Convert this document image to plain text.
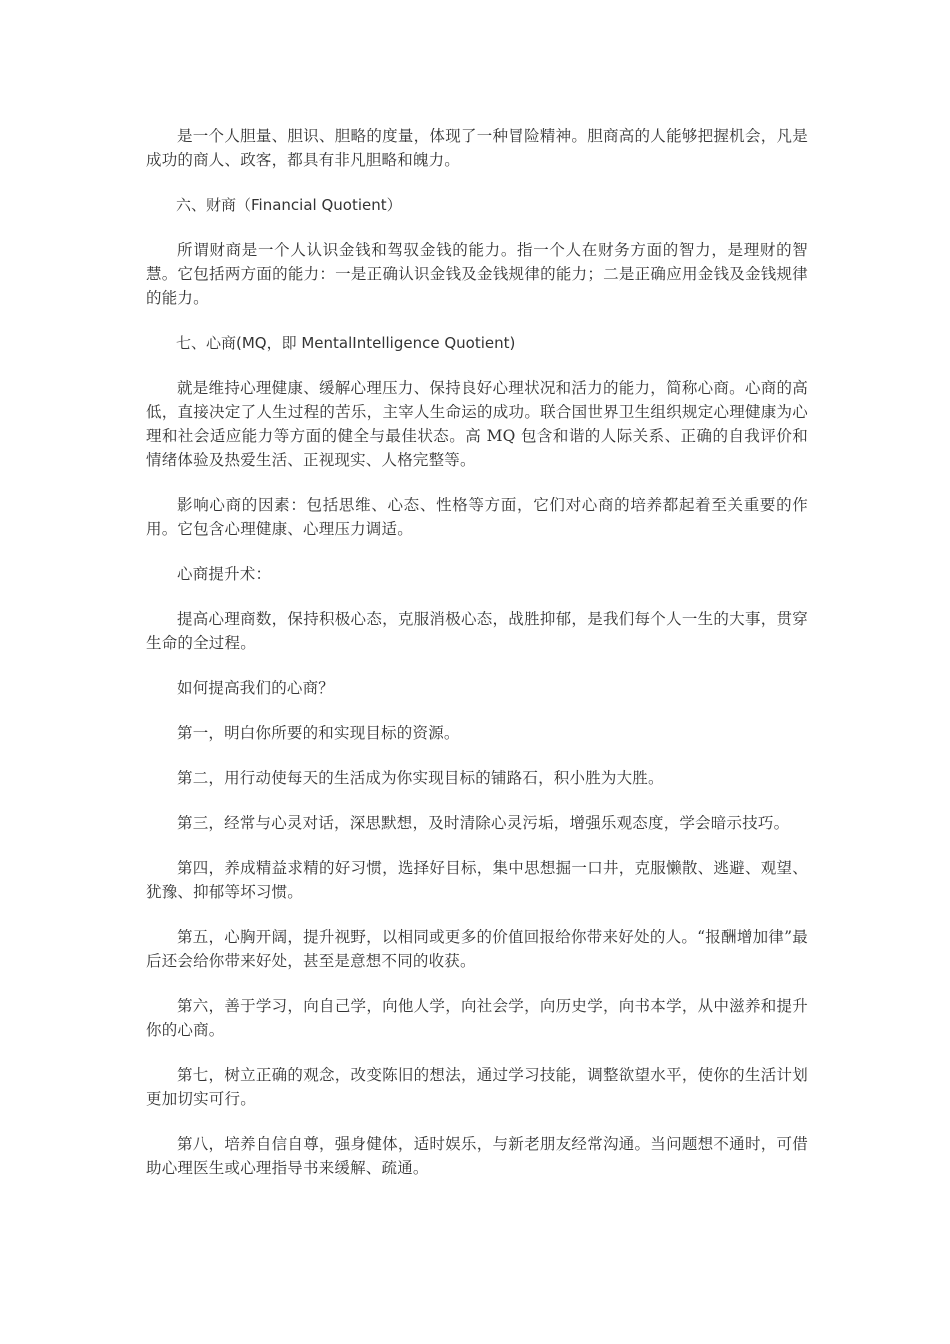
是一个人胆量、胆识、胆略的度量，体现了一种冒险精神。胆商高的人能够把握机会，凡是成功的商人、政客，都具有非凡胆略和魄力。

六、财商（Financial Quotient）

所谓财商是一个人认识金钱和驾驭金钱的能力。指一个人在财务方面的智力，是理财的智慧。它包括两方面的能力：一是正确认识金钱及金钱规律的能力；二是正确应用金钱及金钱规律的能力。

七、心商(MQ，即 MentalIntelligence Quotient)

就是维持心理健康、缓解心理压力、保持良好心理状况和活力的能力，简称心商。心商的高低，直接决定了人生过程的苦乐，主宰人生命运的成功。联合国世界卫生组织规定心理健康为心理和社会适应能力等方面的健全与最佳状态。高 MQ 包含和谐的人际关系、正确的自我评价和情绪体验及热爱生活、正视现实、人格完整等。

影响心商的因素：包括思维、心态、性格等方面，它们对心商的培养都起着至关重要的作用。它包含心理健康、心理压力调适。

心商提升术：

提高心理商数，保持积极心态，克服消极心态，战胜抑郁，是我们每个人一生的大事，贯穿生命的全过程。

如何提高我们的心商？

第一，明白你所要的和实现目标的资源。

第二，用行动使每天的生活成为你实现目标的铺路石，积小胜为大胜。

第三，经常与心灵对话，深思默想，及时清除心灵污垢，增强乐观态度，学会暗示技巧。

第四，养成精益求精的好习惯，选择好目标，集中思想掘一口井，克服懒散、逃避、观望、犹豫、抑郁等坏习惯。

第五，心胸开阔，提升视野，以相同或更多的价值回报给你带来好处的人。“报酬增加律”最后还会给你带来好处，甚至是意想不同的收获。

第六，善于学习，向自己学，向他人学，向社会学，向历史学，向书本学，从中滋养和提升你的心商。

第七，树立正确的观念，改变陈旧的想法，通过学习技能，调整欲望水平，使你的生活计划更加切实可行。

第八，培养自信自尊，强身健体，适时娱乐，与新老朋友经常沟通。当问题想不通时，可借助心理医生或心理指导书来缓解、疏通。
